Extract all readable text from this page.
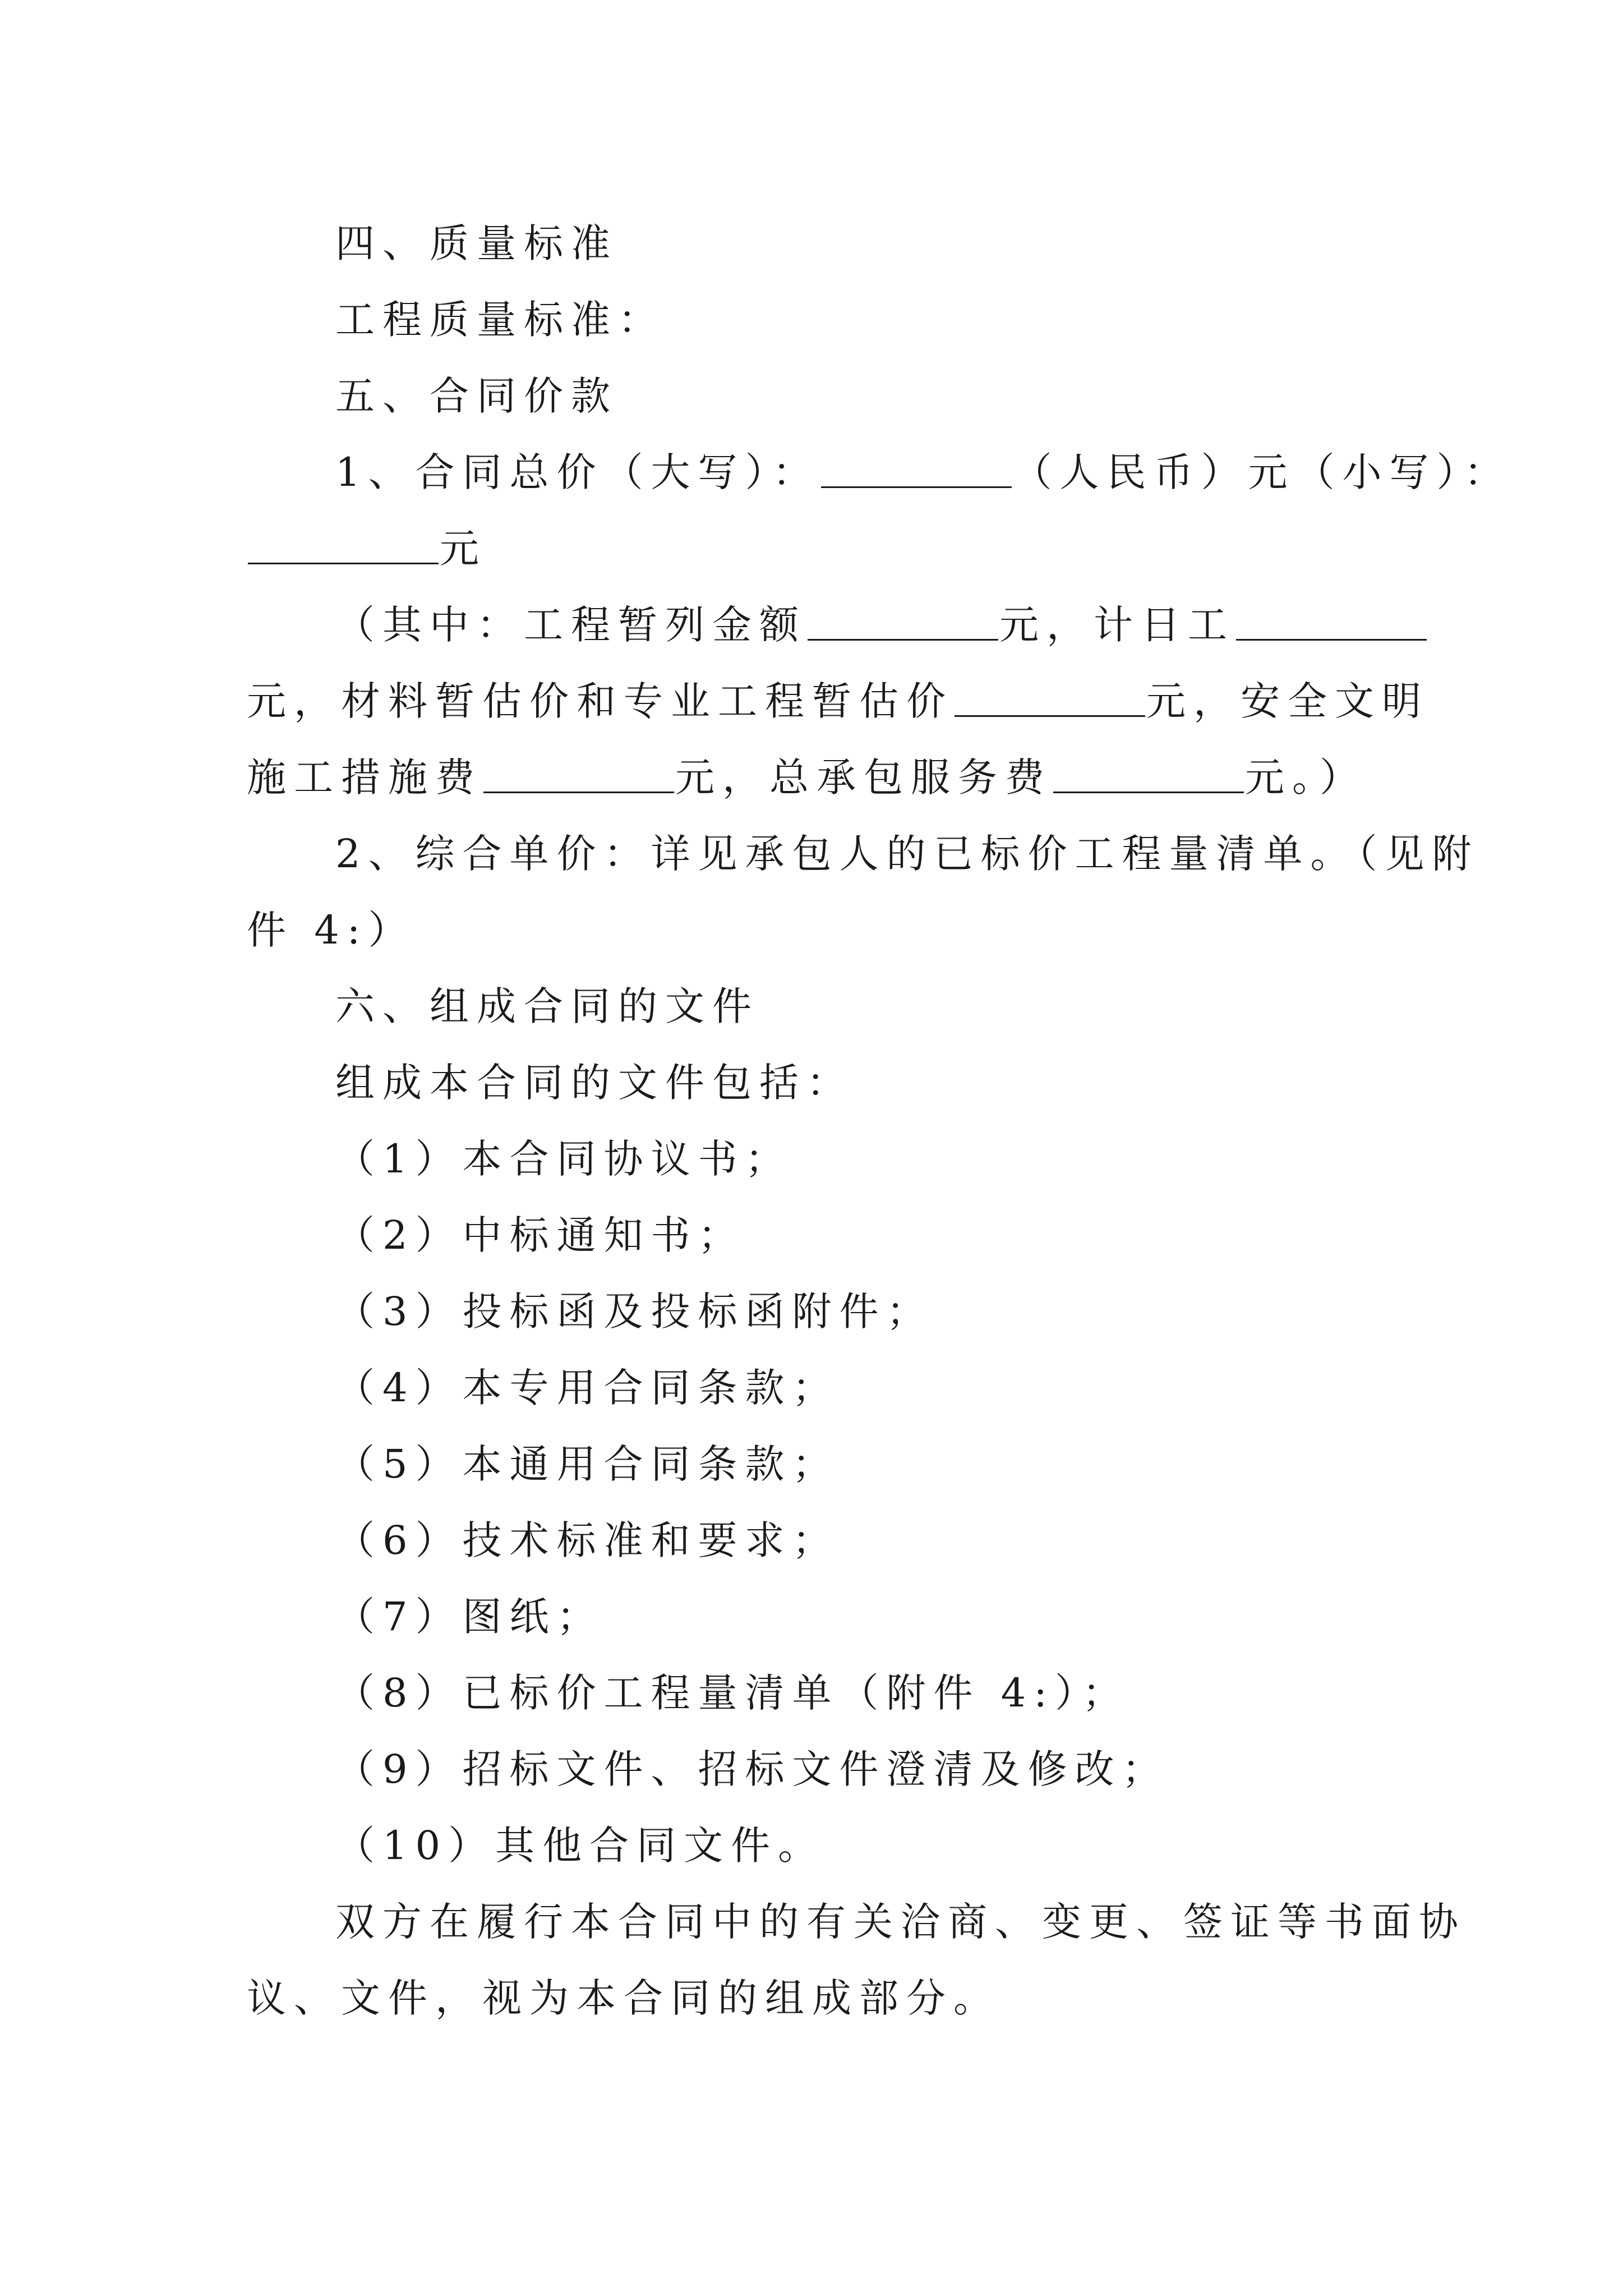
四、质量标准
工程质量标准：
五、合同价款
1、合同总价（大写）：	（人民币）元（小写）：
元
（其中：工程暂列金额	元，计日工
元，材料暂估价和专业工程暂估价	元，安全文明
施工措施费	元，总承包服务费	元。）
2、综合单价：详见承包人的已标价工程量清单。（见附
件 4:）
六、组成合同的文件
组成本合同的文件包括：
（1）本合同协议书；
（2）中标通知书；
（3）投标函及投标函附件；
（4）本专用合同条款；
（5）本通用合同条款；
（6）技术标准和要求；
（7）图纸；
（8）已标价工程量清单（附件 4:）；
（9）招标文件、招标文件澄清及修改；
（10）其他合同文件。
双方在履行本合同中的有关洽商、变更、签证等书面协
议、文件，视为本合同的组成部分。
